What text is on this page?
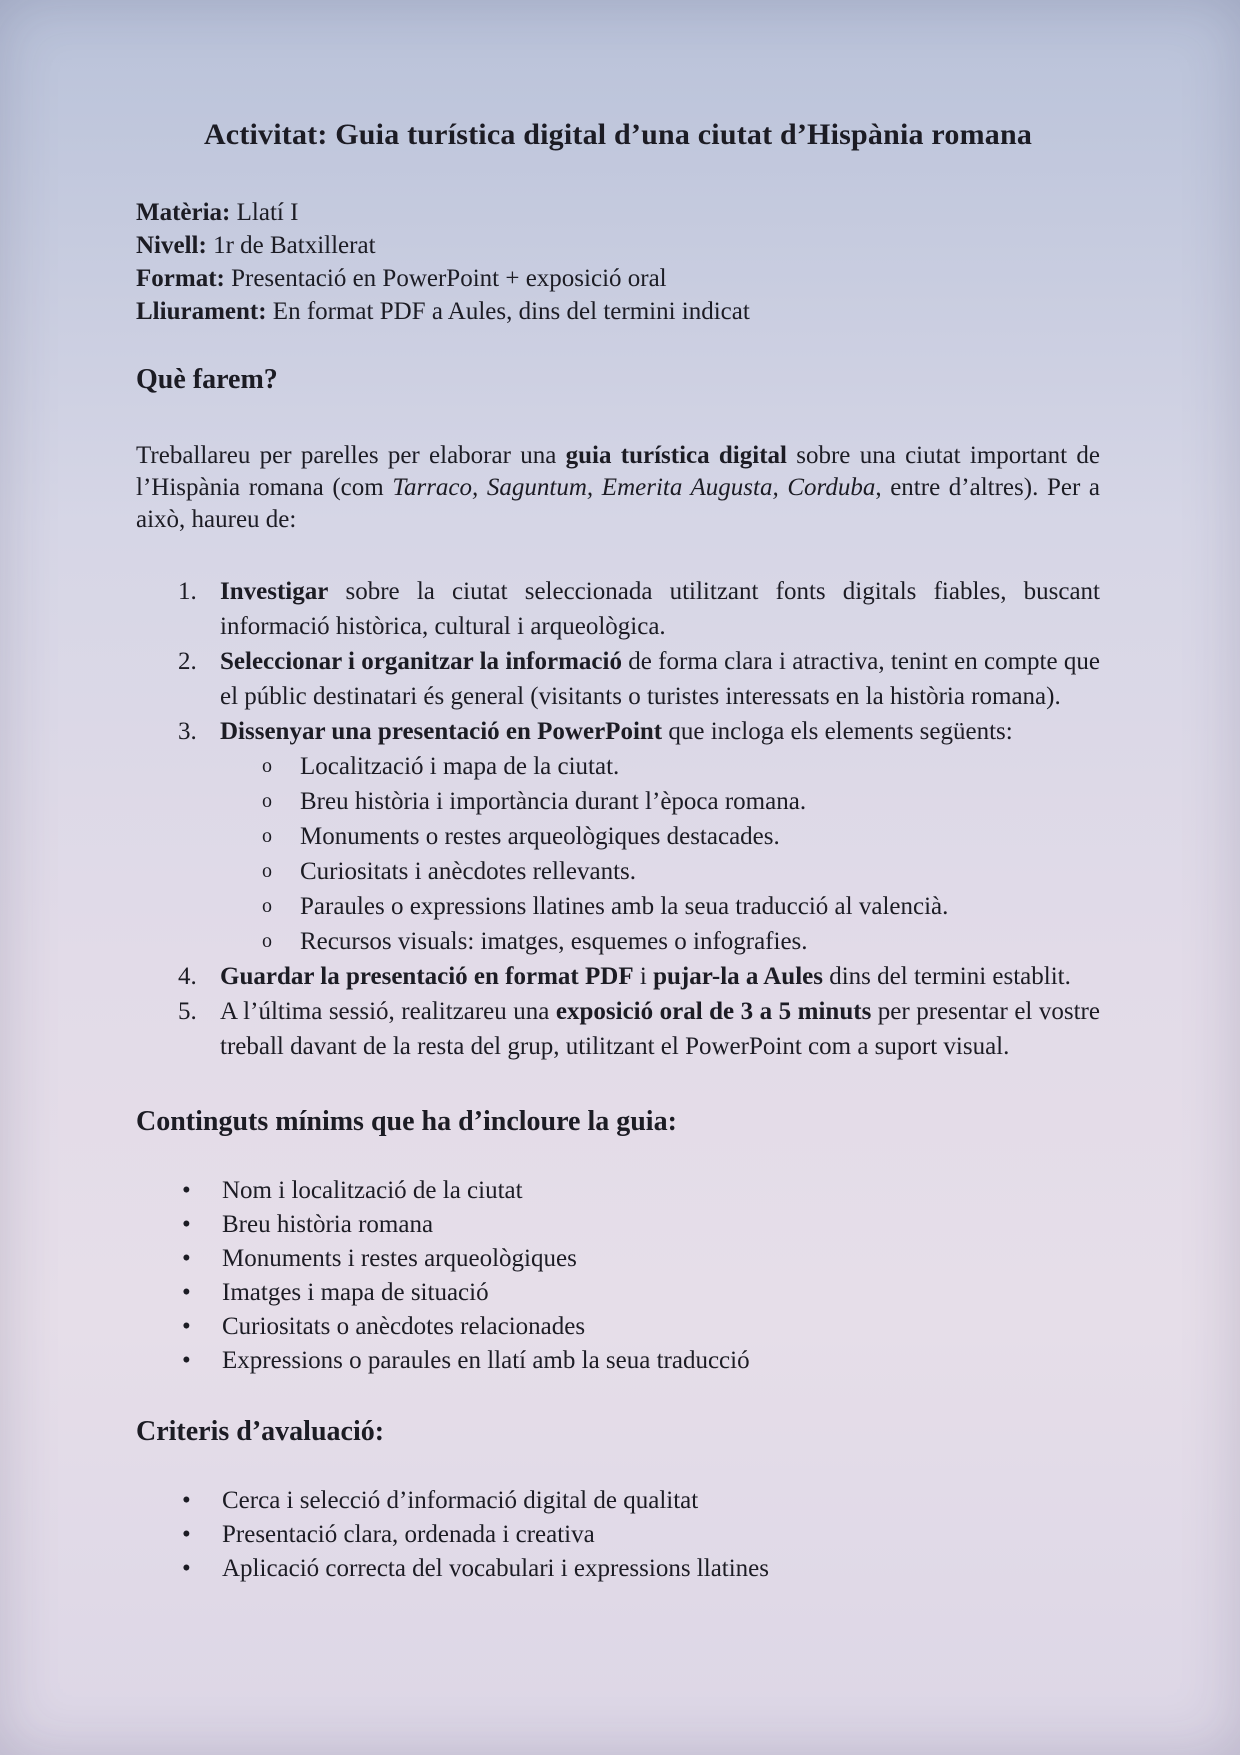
Activitat: Guia turística digital d’una ciutat d’Hispània romana
Matèria: Llatí I
Nivell: 1r de Batxillerat
Format: Presentació en PowerPoint + exposició oral
Lliurament: En format PDF a Aules, dins del termini indicat
Què farem?
Treballareu per parelles per elaborar una guia turística digital sobre una ciutat important de l’Hispània romana (com Tarraco, Saguntum, Emerita Augusta, Corduba, entre d’altres). Per a això, haureu de:
1. Investigar sobre la ciutat seleccionada utilitzant fonts digitals fiables, buscant informació històrica, cultural i arqueològica.
2. Seleccionar i organitzar la informació de forma clara i atractiva, tenint en compte que el públic destinatari és general (visitants o turistes interessats en la història romana).
3. Dissenyar una presentació en PowerPoint que incloga els elements següents:
o Localització i mapa de la ciutat.
o Breu història i importància durant l’època romana.
o Monuments o restes arqueològiques destacades.
o Curiositats i anècdotes rellevants.
o Paraules o expressions llatines amb la seua traducció al valencià.
o Recursos visuals: imatges, esquemes o infografies.
4. Guardar la presentació en format PDF i pujar-la a Aules dins del termini establit.
5. A l’última sessió, realitzareu una exposició oral de 3 a 5 minuts per presentar el vostre treball davant de la resta del grup, utilitzant el PowerPoint com a suport visual.
Continguts mínims que ha d’incloure la guia:
• Nom i localització de la ciutat
• Breu història romana
• Monuments i restes arqueològiques
• Imatges i mapa de situació
• Curiositats o anècdotes relacionades
• Expressions o paraules en llatí amb la seua traducció
Criteris d’avaluació:
• Cerca i selecció d’informació digital de qualitat
• Presentació clara, ordenada i creativa
• Aplicació correcta del vocabulari i expressions llatines
